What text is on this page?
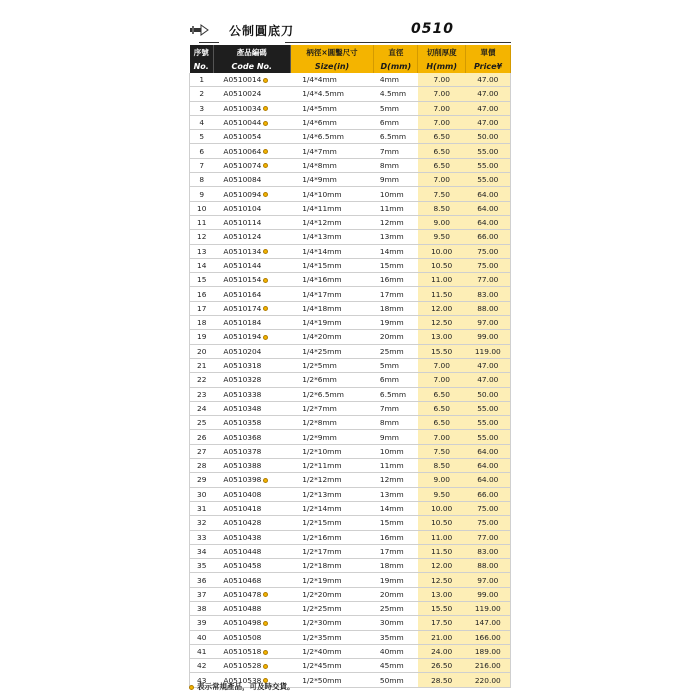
公制圓底刀	0510
序號	產品編碼	柄徑×圓鑿尺寸	直徑	切削厚度	單價
No.	Code No.	Size(in)	D(mm)	H(mm)	Price¥
1	A0510014	1/4*4mm	4mm	7.00	47.00
2	A0510024	1/4*4.5mm	4.5mm	7.00	47.00
3	A0510034	1/4*5mm	5mm	7.00	47.00
4	A0510044	1/4*6mm	6mm	7.00	47.00
5	A0510054	1/4*6.5mm	6.5mm	6.50	50.00
6	A0510064	1/4*7mm	7mm	6.50	55.00
7	A0510074	1/4*8mm	8mm	6.50	55.00
8	A0510084	1/4*9mm	9mm	7.00	55.00
9	A0510094	1/4*10mm	10mm	7.50	64.00
10	A0510104	1/4*11mm	11mm	8.50	64.00
11	A0510114	1/4*12mm	12mm	9.00	64.00
12	A0510124	1/4*13mm	13mm	9.50	66.00
13	A0510134	1/4*14mm	14mm	10.00	75.00
14	A0510144	1/4*15mm	15mm	10.50	75.00
15	A0510154	1/4*16mm	16mm	11.00	77.00
16	A0510164	1/4*17mm	17mm	11.50	83.00
17	A0510174	1/4*18mm	18mm	12.00	88.00
18	A0510184	1/4*19mm	19mm	12.50	97.00
19	A0510194	1/4*20mm	20mm	13.00	99.00
20	A0510204	1/4*25mm	25mm	15.50	119.00
21	A0510318	1/2*5mm	5mm	7.00	47.00
22	A0510328	1/2*6mm	6mm	7.00	47.00
23	A0510338	1/2*6.5mm	6.5mm	6.50	50.00
24	A0510348	1/2*7mm	7mm	6.50	55.00
25	A0510358	1/2*8mm	8mm	6.50	55.00
26	A0510368	1/2*9mm	9mm	7.00	55.00
27	A0510378	1/2*10mm	10mm	7.50	64.00
28	A0510388	1/2*11mm	11mm	8.50	64.00
29	A0510398	1/2*12mm	12mm	9.00	64.00
30	A0510408	1/2*13mm	13mm	9.50	66.00
31	A0510418	1/2*14mm	14mm	10.00	75.00
32	A0510428	1/2*15mm	15mm	10.50	75.00
33	A0510438	1/2*16mm	16mm	11.00	77.00
34	A0510448	1/2*17mm	17mm	11.50	83.00
35	A0510458	1/2*18mm	18mm	12.00	88.00
36	A0510468	1/2*19mm	19mm	12.50	97.00
37	A0510478	1/2*20mm	20mm	13.00	99.00
38	A0510488	1/2*25mm	25mm	15.50	119.00
39	A0510498	1/2*30mm	30mm	17.50	147.00
40	A0510508	1/2*35mm	35mm	21.00	166.00
41	A0510518	1/2*40mm	40mm	24.00	189.00
42	A0510528	1/2*45mm	45mm	26.50	216.00
43	A0510538	1/2*50mm	50mm	28.50	220.00
表示常規產品，可及時交貨。
